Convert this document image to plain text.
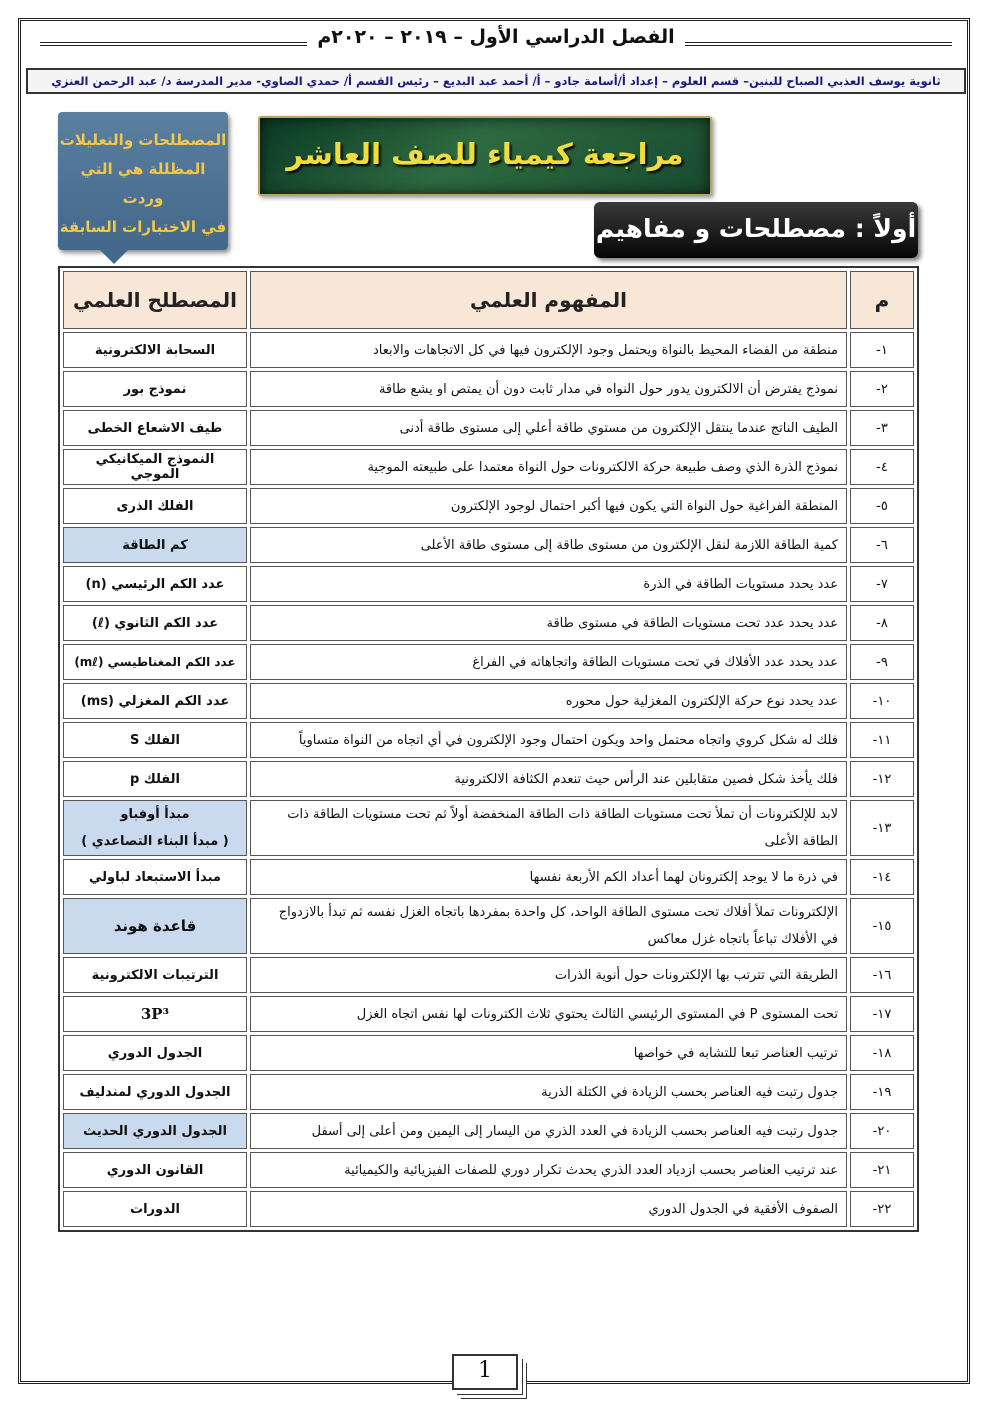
الفصل الدراسي الأول – ٢٠١٩ – ٢٠٢٠م
ثانوية يوسف العذبي الصباح للبنين– قسم العلوم – إعداد أ/أسامة جادو – أ/ أحمد عبد البديع – رئيس القسم أ/ حمدي الصاوي- مدير المدرسة د/ عبد الرحمن العنزي
المصطلحات والتعليلات
المظللة هي التي وردت
في الاختبارات السابقة
مراجعة كيمياء للصف العاشر
أولاً : مصطلحات و مفاهيم
م	المفهوم العلمي	المصطلح العلمي
١-	منطقة من الفضاء المحيط بالنواة ويحتمل وجود الإلكترون فيها في كل الاتجاهات والابعاد	السحابة الالكترونية
٢-	نموذج يفترض أن الالكترون يدور حول النواه في مدار ثابت دون أن يمتص او يشع طاقة	نموذج بور
٣-	الطيف الناتج عندما ينتقل الإلكترون من مستوي طاقة أعلي إلى مستوى طاقة أدنى	طيف الاشعاع الخطى
٤-	نموذج الذرة الذي وصف طبيعة حركة الالكترونات حول النواة معتمدا على طبيعته الموجية	النموذج الميكانيكي الموجي
٥-	المنطقة الفراغية حول النواة التي يكون فيها أكبر احتمال لوجود الإلكترون	الفلك الذرى
٦-	كمية الطاقة اللازمة لنقل الإلكترون من مستوى طاقة إلى مستوى طاقة الأعلى	كم الطاقة
٧-	عدد يحدد مستويات الطاقة في الذرة	عدد الكم الرئيسي (n)
٨-	عدد يحدد عدد تحت مستويات الطاقة في مستوى طاقة	عدد الكم الثانوي (ℓ)
٩-	عدد يحدد عدد الأفلاك في تحت مستويات الطاقة واتجاهاته في الفراغ	عدد الكم المغناطيسي (mℓ)
١٠-	عدد يحدد نوع حركة الإلكترون المغزلية حول محوره	عدد الكم المغزلي (ms)
١١-	فلك له شكل كروي واتجاه محتمل واحد ويكون احتمال وجود الإلكترون في أي اتجاه من النواة متساوياً	الفلك S
١٢-	فلك يأخذ شكل فصين متقابلين عند الرأس حيث تنعدم الكثافة الالكترونية	الفلك p
١٣-	لابد للإلكترونات أن تملأ تحت مستويات الطاقة ذات الطاقة المنخفضة أولاً ثم تحت مستويات الطاقة ذات الطاقة الأعلى	مبدأ أوفباو
( مبدأ البناء التصاعدي )

١٤-	في ذرة ما لا يوجد إلكترونان لهما أعداد الكم الأربعة نفسها	مبدأ الاستبعاد لباولي
١٥-	الإلكترونات تملأ أفلاك تحت مستوى الطاقة الواحد، كل واحدة بمفردها باتجاه الغزل نفسه ثم تبدأ بالازدواج في الأفلاك تباعاً باتجاه غزل معاكس	قاعدة هوند
١٦-	الطريقة التي تترتب بها الإلكترونات حول أنوية الذرات	الترتيبات الالكترونية
١٧-	تحت المستوى P في المستوى الرئيسي الثالث يحتوي ثلاث الكترونات لها نفس اتجاه الغزل	3P³
١٨-	ترتيب العناصر تبعا للتشابه في خواصها	الجدول الدوري
١٩-	جدول رتبت فيه العناصر بحسب الزيادة في الكتلة الذرية	الجدول الدوري لمندليف
٢٠-	جدول رتبت فيه العناصر بحسب الزيادة في العدد الذري من اليسار إلى اليمين ومن أعلى إلى أسفل	الجدول الدوري الحديث
٢١-	عند ترتيب العناصر بحسب ازدياد العدد الذري يحدث تكرار دوري للصفات الفيزيائية والكيميائية	القانون الدوري
٢٢-	الصفوف الأفقية في الجدول الدوري	الدورات
1
